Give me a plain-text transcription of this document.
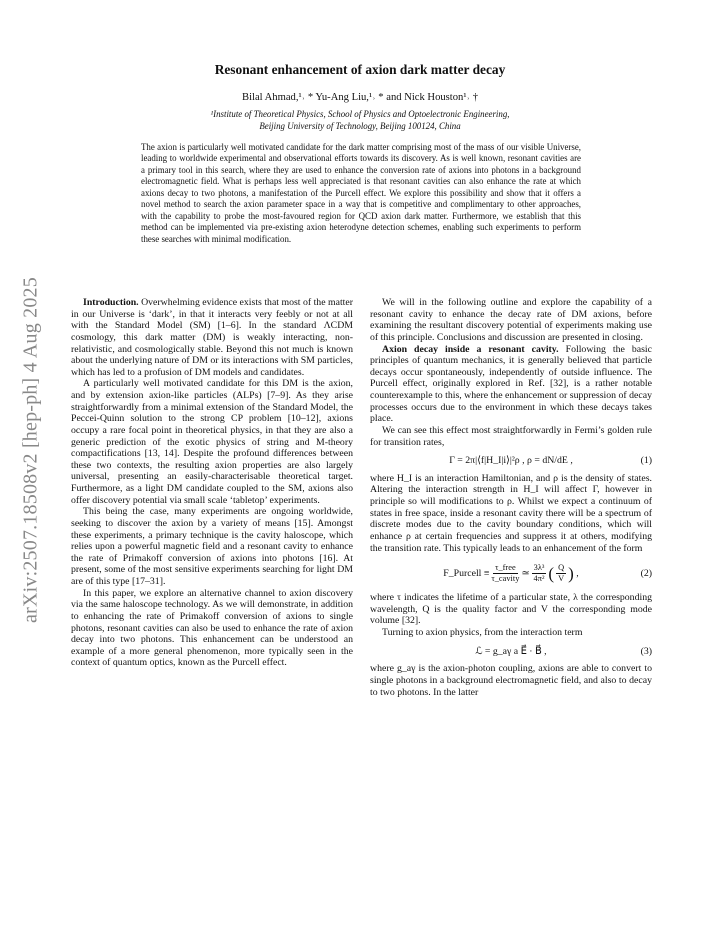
arXiv:2507.18508v2 [hep-ph] 4 Aug 2025
Resonant enhancement of axion dark matter decay
Bilal Ahmad,¹˒ * Yu-Ang Liu,¹˒ * and Nick Houston¹˒ †
¹Institute of Theoretical Physics, School of Physics and Optoelectronic Engineering,
Beijing University of Technology, Beijing 100124, China
The axion is particularly well motivated candidate for the dark matter comprising most of the mass of our visible Universe, leading to worldwide experimental and observational efforts towards its discovery. As is well known, resonant cavities are a primary tool in this search, where they are used to enhance the conversion rate of axions into photons in a background electromagnetic field. What is perhaps less well appreciated is that resonant cavities can also enhance the rate at which axions decay to two photons, a manifestation of the Purcell effect. We explore this possibility and show that it offers a novel method to search the axion parameter space in a way that is competitive and complimentary to other approaches, with the capability to probe the most-favoured region for QCD axion dark matter. Furthermore, we establish that this method can be implemented via pre-existing axion heterodyne detection schemes, enabling such experiments to perform these searches with minimal modification.

Introduction. Overwhelming evidence exists that most of the matter in our Universe is ‘dark’, in that it interacts very feebly or not at all with the Standard Model (SM) [1–6]. In the standard ΛCDM cosmology, this dark matter (DM) is weakly interacting, non-relativistic, and cosmologically stable. Beyond this not much is known about the underlying nature of DM or its interactions with SM particles, which has led to a profusion of DM models and candidates.

A particularly well motivated candidate for this DM is the axion, and by extension axion-like particles (ALPs) [7–9]. As they arise straightforwardly from a minimal extension of the Standard Model, the Peccei-Quinn solution to the strong CP problem [10–12], axions occupy a rare focal point in theoretical physics, in that they are also a generic prediction of the exotic physics of string and M-theory compactifications [13, 14]. Despite the profound differences between these two contexts, the resulting axion properties are also largely universal, presenting an easily-characterisable theoretical target. Furthermore, as a light DM candidate coupled to the SM, axions also offer discovery potential via small scale ‘tabletop’ experiments.

This being the case, many experiments are ongoing worldwide, seeking to discover the axion by a variety of means [15]. Amongst these experiments, a primary technique is the cavity haloscope, which relies upon a powerful magnetic field and a resonant cavity to enhance the rate of Primakoff conversion of axions into photons [16]. At present, some of the most sensitive experiments searching for light DM are of this type [17–31].

In this paper, we explore an alternative channel to axion discovery via the same haloscope technology. As we will demonstrate, in addition to enhancing the rate of Primakoff conversion of axions to single photons, resonant cavities can also be used to enhance the rate of axion decay into two photons. This enhancement can be understood an example of a more general phenomenon, more typically seen in the context of quantum optics, known as the Purcell effect.

We will in the following outline and explore the capability of a resonant cavity to enhance the decay rate of DM axions, before examining the resultant discovery potential of experiments making use of this principle. Conclusions and discussion are presented in closing.

Axion decay inside a resonant cavity. Following the basic principles of quantum mechanics, it is generally believed that particle decays occur spontaneously, independently of outside influence. The Purcell effect, originally explored in Ref. [32], is a rather notable counterexample to this, where the enhancement or suppression of decay processes occurs due to the environment in which these decays takes place.

We can see this effect most straightforwardly in Fermi’s golden rule for transition rates,

Γ = 2π|⟨f|H_I|i⟩|²ρ , ρ = dN/dE ,	(1)

where H_I is an interaction Hamiltonian, and ρ is the density of states. Altering the interaction strength in H_I will affect Γ, however in principle so will modifications to ρ. Whilst we expect a continuum of states in free space, inside a resonant cavity there will be a spectrum of discrete modes due to the cavity boundary conditions, which will enhance ρ at certain frequencies and suppress it at others, modifying the transition rate. This typically leads to an enhancement of the form

F_Purcell ≡ $\frac{\text{τ\_free}}{\text{τ\_cavity}}$ ≃ $\frac{\text{3λ³}}{\text{4π²}}$ ( $\frac{Q}{V}$ ) ,	(2)

where τ indicates the lifetime of a particular state, λ the corresponding wavelength, Q is the quality factor and V the corresponding mode volume [32].

Turning to axion physics, from the interaction term

ℒ = g_aγ a E⃗ · B⃗ ,	(3)

where g_aγ is the axion-photon coupling, axions are able to convert to single photons in a background electromagnetic field, and also to decay to two photons. In the latter
